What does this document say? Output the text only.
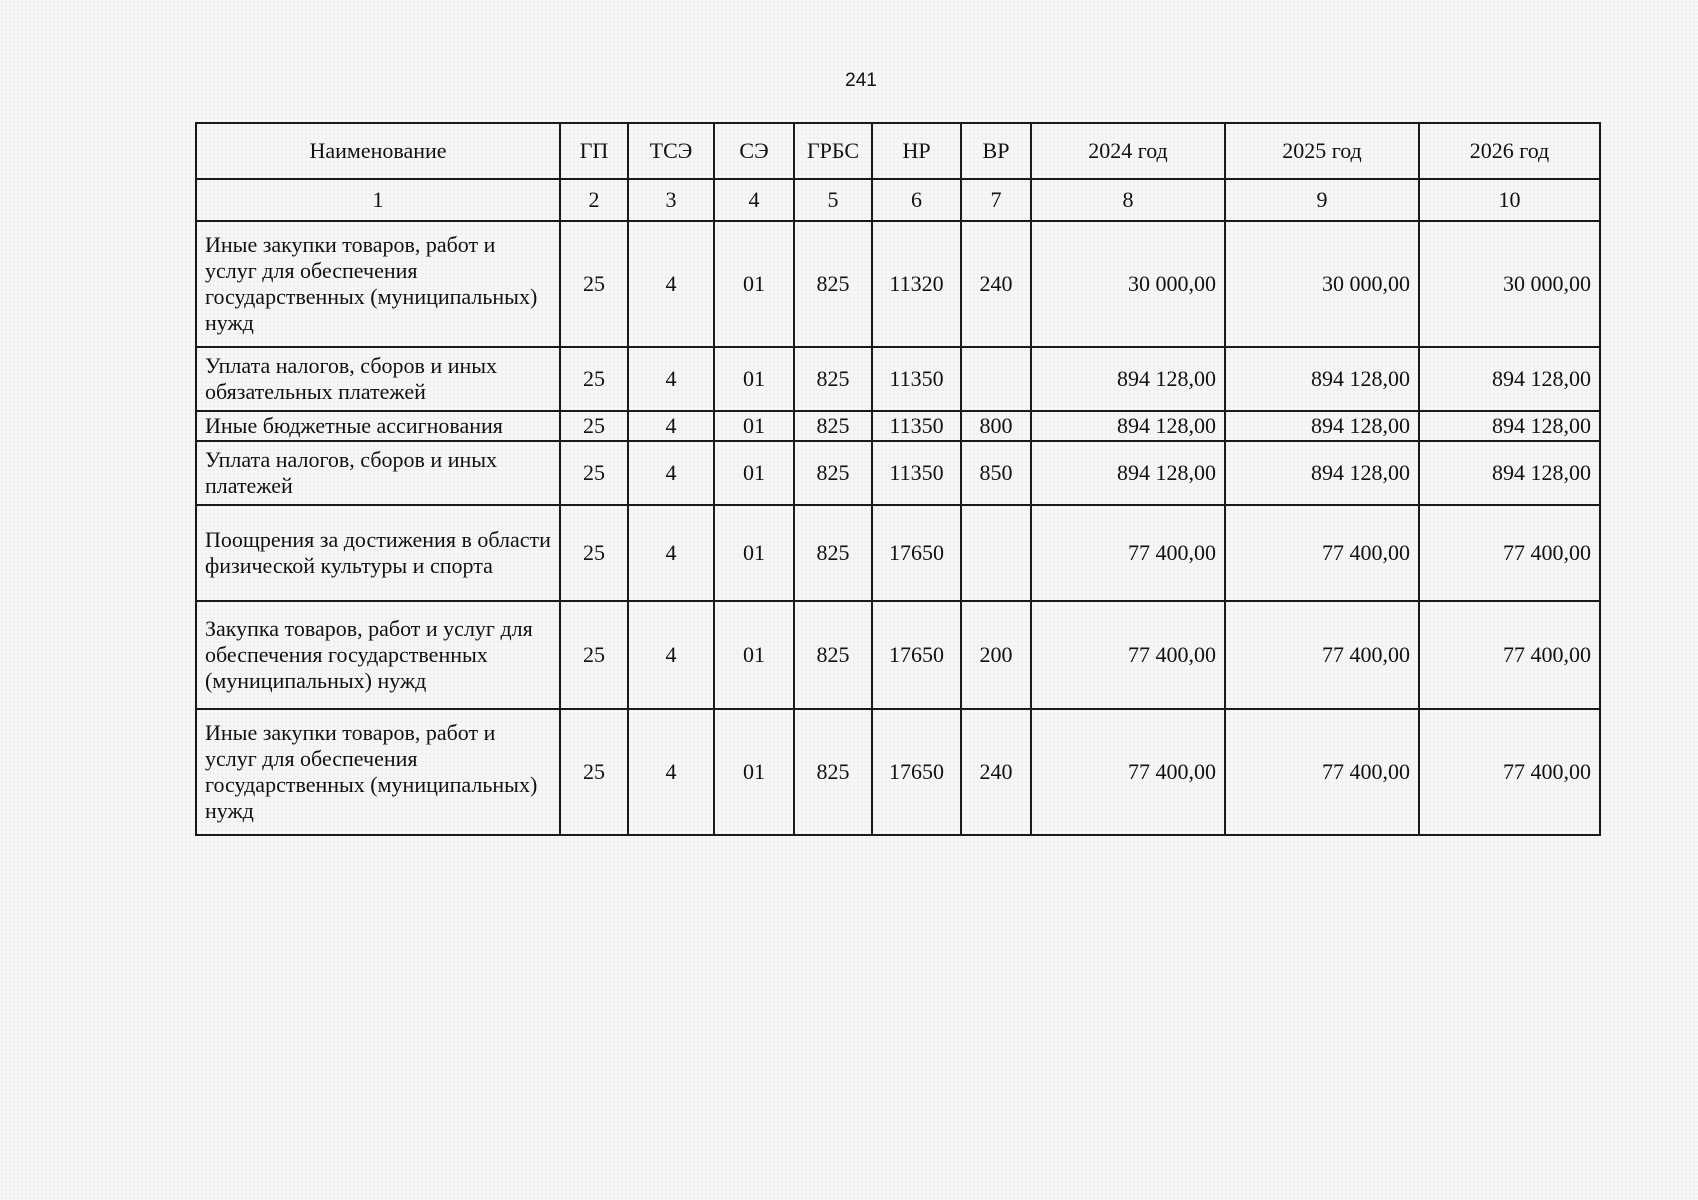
241
Наименование	ГП	ТСЭ	СЭ	ГРБС	НР	ВР	2024 год	2025 год	2026 год
1	2	3	4	5	6	7	8	9	10
Иные закупки товаров, работ и услуг для обеспечения государственных (муниципальных) нужд	25	4	01	825	11320	240	30 000,00	30 000,00	30 000,00
Уплата налогов, сборов и иных обязательных платежей	25	4	01	825	11350		894 128,00	894 128,00	894 128,00
Иные бюджетные ассигнования	25	4	01	825	11350	800	894 128,00	894 128,00	894 128,00
Уплата налогов, сборов и иных платежей	25	4	01	825	11350	850	894 128,00	894 128,00	894 128,00
Поощрения за достижения в области физической культуры и спорта	25	4	01	825	17650		77 400,00	77 400,00	77 400,00
Закупка товаров, работ и услуг для обеспечения государственных (муниципальных) нужд	25	4	01	825	17650	200	77 400,00	77 400,00	77 400,00
Иные закупки товаров, работ и услуг для обеспечения государственных (муниципальных) нужд	25	4	01	825	17650	240	77 400,00	77 400,00	77 400,00
